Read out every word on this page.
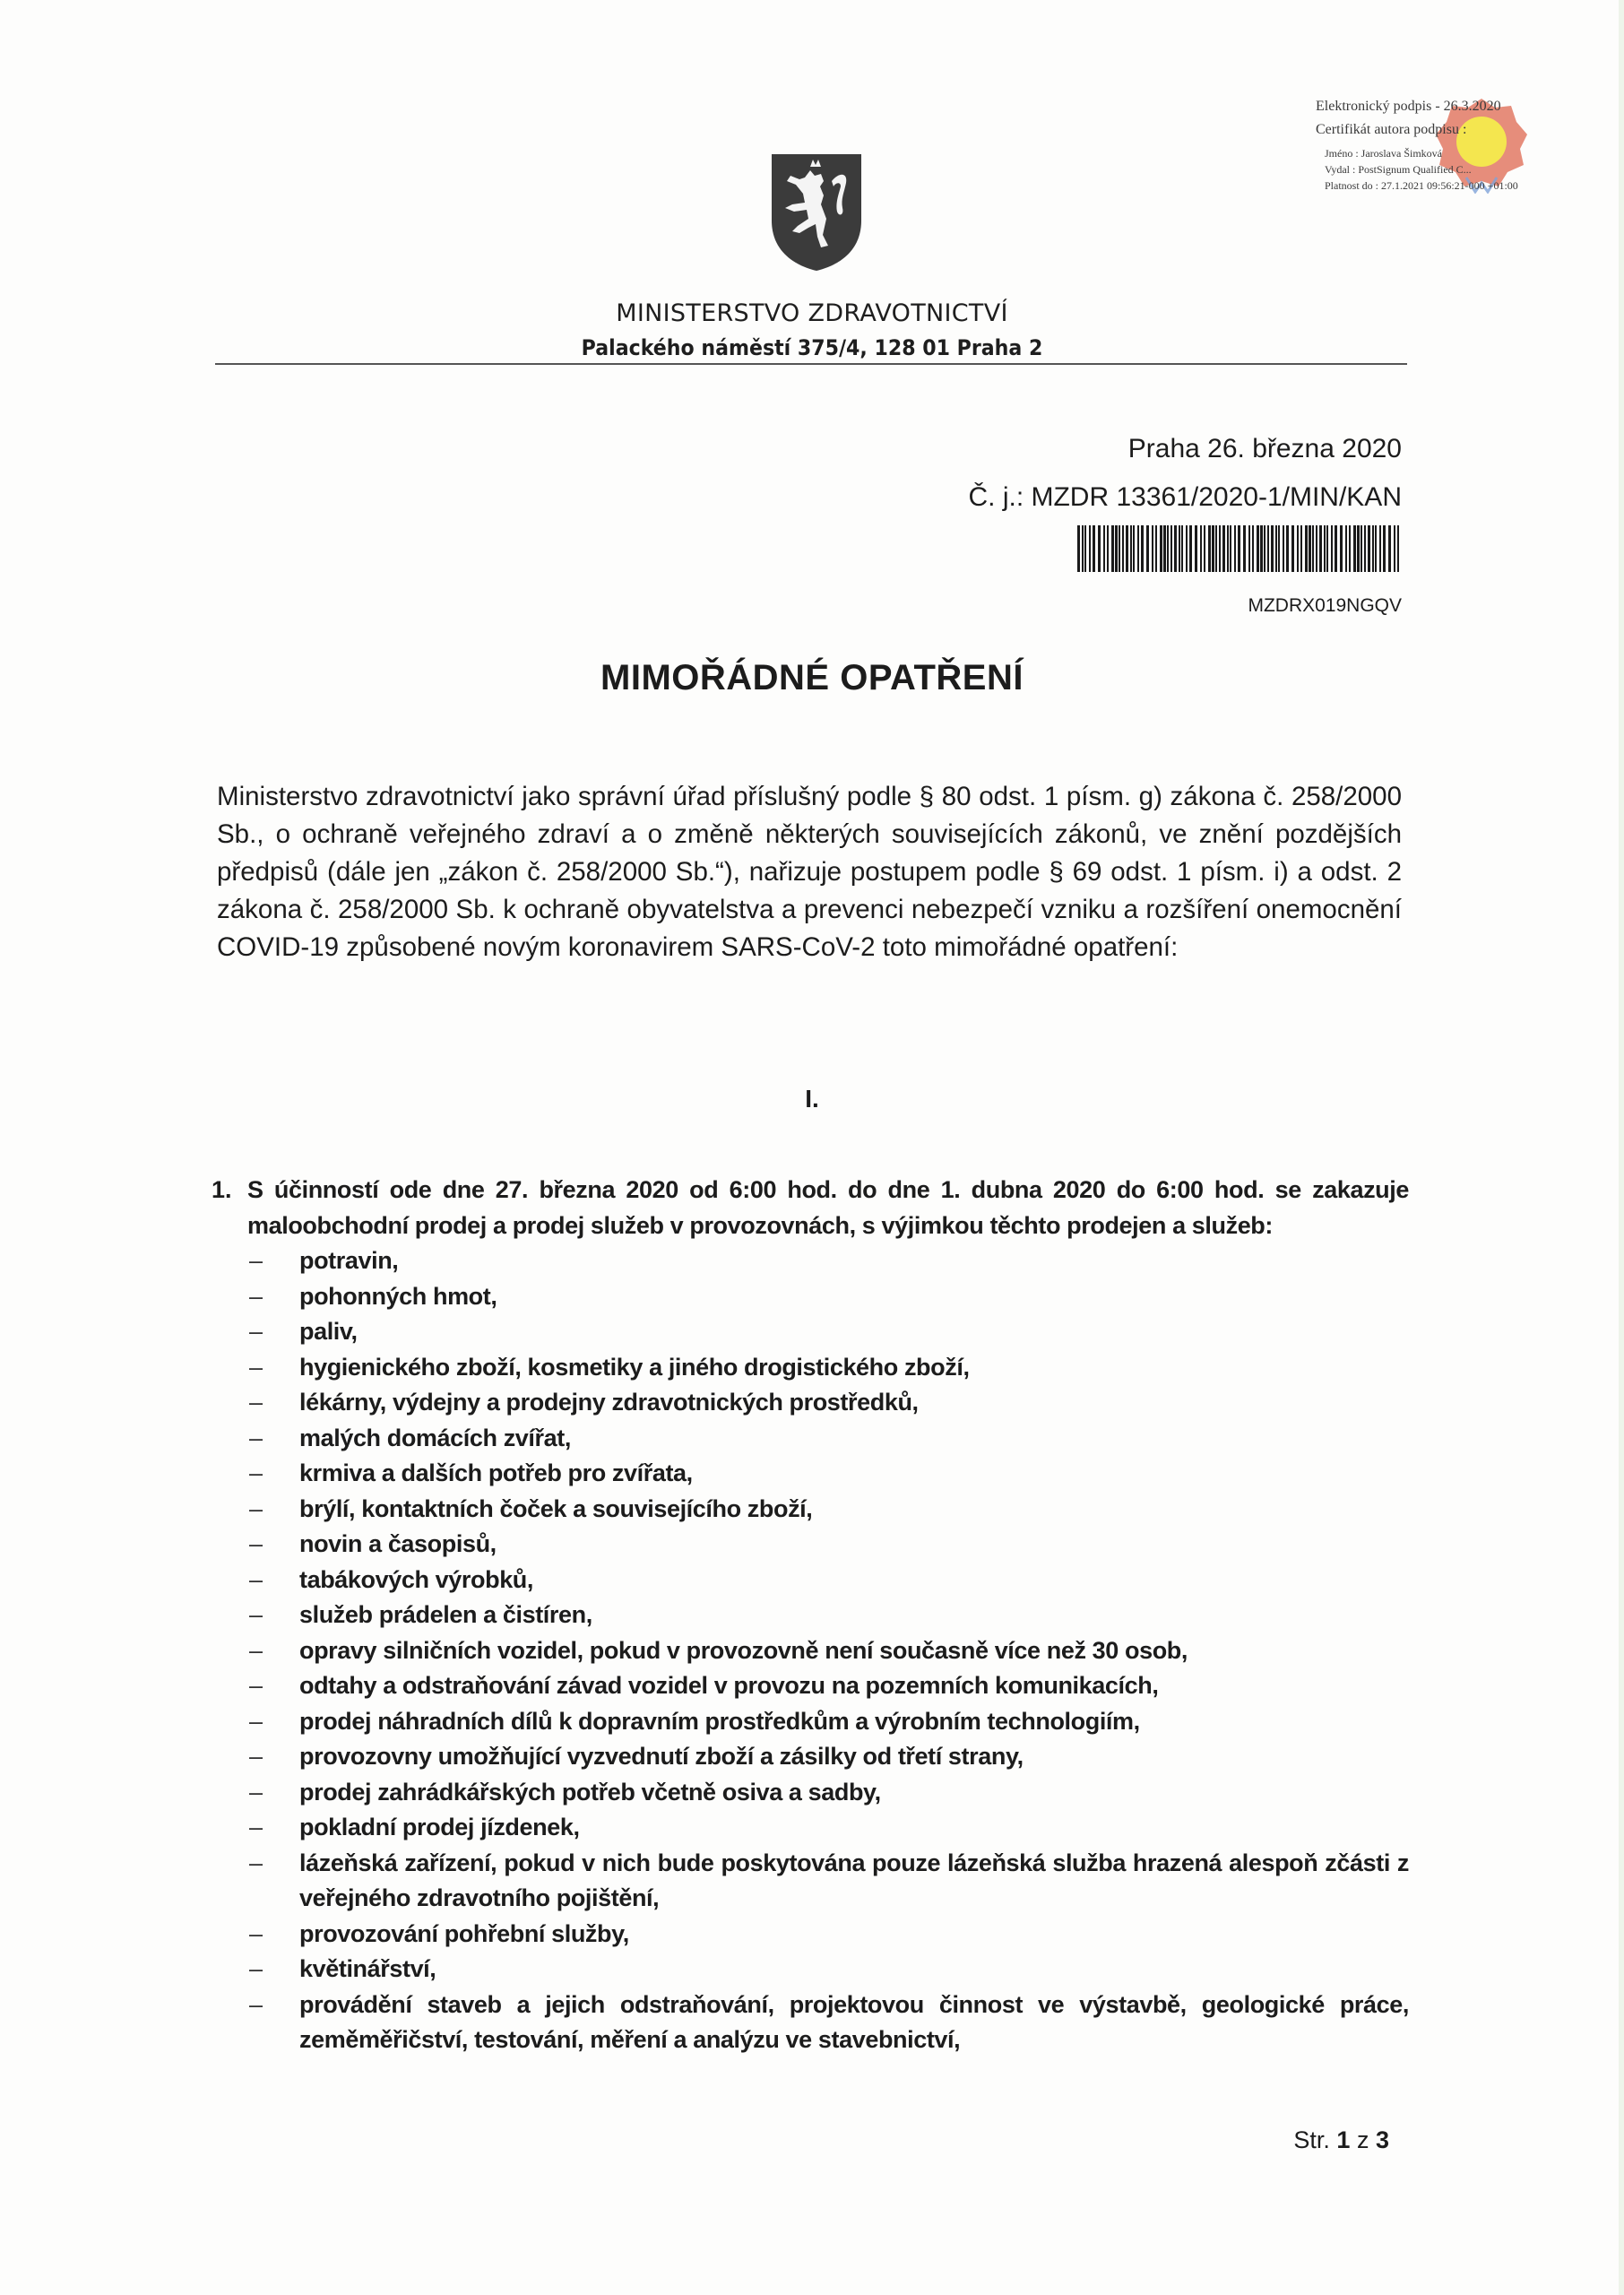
Elektronický podpis - 26.3.2020
Certifikát autora podpisu :
Jméno : Jaroslava Šimková
Vydal : PostSignum Qualified C...
Platnost do : 27.1.2021 09:56:21-000 +01:00
MINISTERSTVO ZDRAVOTNICTVÍ
Palackého náměstí 375/4, 128 01 Praha 2
Praha 26. března 2020
Č. j.: MZDR 13361/2020-1/MIN/KAN
MZDRX019NGQV
MIMOŘÁDNÉ OPATŘENÍ
Ministerstvo zdravotnictví jako správní úřad příslušný podle § 80 odst. 1 písm. g) zákona č. 258/2000 Sb., o ochraně veřejného zdraví a o změně některých souvisejících zákonů, ve znění pozdějších předpisů (dále jen „zákon č. 258/2000 Sb.“), nařizuje postupem podle § 69 odst. 1 písm. i) a odst. 2 zákona č. 258/2000 Sb. k ochraně obyvatelstva a prevenci nebezpečí vzniku a rozšíření onemocnění COVID-19 způsobené novým koronavirem SARS-CoV-2 toto mimořádné opatření:
I.
1. S účinností ode dne 27. března 2020 od 6:00 hod. do dne 1. dubna 2020 do 6:00 hod. se zakazuje maloobchodní prodej a prodej služeb v provozovnách, s výjimkou těchto prodejen a služeb:
– potravin,
– pohonných hmot,
– paliv,
– hygienického zboží, kosmetiky a jiného drogistického zboží,
– lékárny, výdejny a prodejny zdravotnických prostředků,
– malých domácích zvířat,
– krmiva a dalších potřeb pro zvířata,
– brýlí, kontaktních čoček a souvisejícího zboží,
– novin a časopisů,
– tabákových výrobků,
– služeb prádelen a čistíren,
– opravy silničních vozidel, pokud v provozovně není současně více než 30 osob,
– odtahy a odstraňování závad vozidel v provozu na pozemních komunikacích,
– prodej náhradních dílů k dopravním prostředkům a výrobním technologiím,
– provozovny umožňující vyzvednutí zboží a zásilky od třetí strany,
– prodej zahrádkářských potřeb včetně osiva a sadby,
– pokladní prodej jízdenek,
– lázeňská zařízení, pokud v nich bude poskytována pouze lázeňská služba hrazená alespoň zčásti z veřejného zdravotního pojištění,
– provozování pohřební služby,
– květinářství,
– provádění staveb a jejich odstraňování, projektovou činnost ve výstavbě, geologické práce, zeměměřičství, testování, měření a analýzu ve stavebnictví,
Str. 1 z 3
